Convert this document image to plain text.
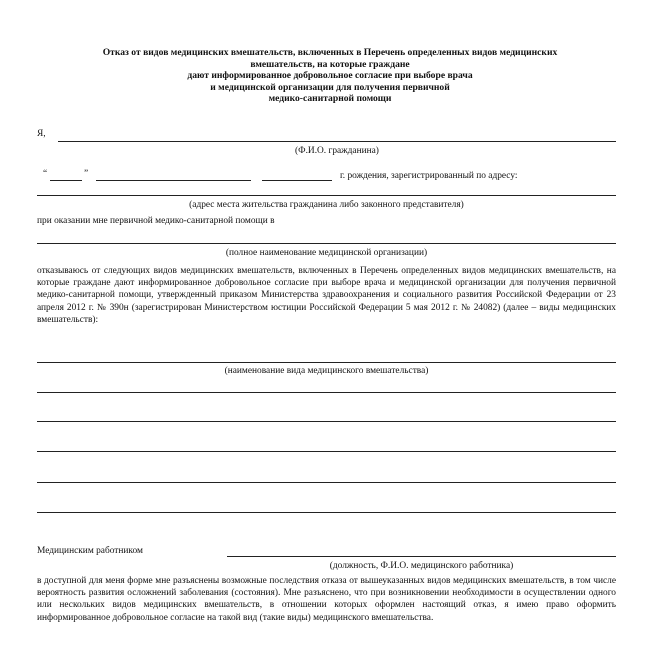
Отказ от видов медицинских вмешательств, включенных в Перечень определенных видов медицинских
вмешательств, на которые граждане
дают информированное добровольное согласие при выборе врача
и медицинской организации для получения первичной
медико-санитарной помощи
Я,
(Ф.И.О. гражданина)
“	”	г. рождения, зарегистрированный по адресу:
(адрес места жительства гражданина либо законного представителя)
при оказании мне первичной медико-санитарной помощи в
(полное наименование медицинской организации)

отказываюсь от следующих видов медицинских вмешательств, включенных в Перечень определенных видов медицинских вмешательств, на которые граждане дают информированное добровольное согласие при выборе врача и медицинской организации для получения первичной медико-санитарной помощи, утвержденный приказом Министерства здравоохранения и социального развития Российской Федерации от 23 апреля 2012 г. № 390н (зарегистрирован Министерством юстиции Российской Федерации 5 мая 2012 г. № 24082) (далее – виды медицинских вмешательств):

(наименование вида медицинского вмешательства)
Медицинским работником
(должность, Ф.И.О. медицинского работника)

в доступной для меня форме мне разъяснены возможные последствия отказа от вышеуказанных видов медицинских вмешательств, в том числе вероятность развития осложнений заболевания (состояния). Мне разъяснено, что при возникновении необходимости в осуществлении одного или нескольких видов медицинских вмешательств, в отношении которых оформлен настоящий отказ, я имею право оформить информированное добровольное согласие на такой вид (такие виды) медицинского вмешательства.
